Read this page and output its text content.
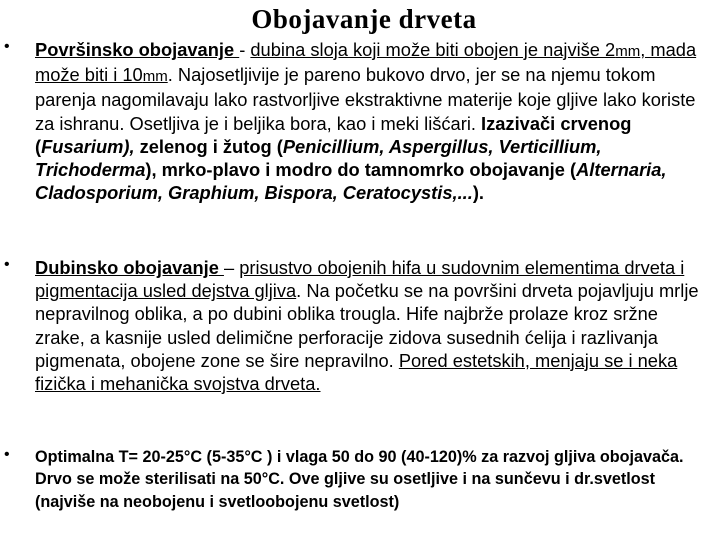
Obojavanje drveta
• Površinsko obojavanje - dubina sloja koji može biti obojen je najviše 2mm, mada može biti i 10mm. Najosetljivije je pareno bukovo drvo, jer se na njemu tokom parenja nagomilavaju lako rastvorljive ekstraktivne materije koje gljive lako koriste za ishranu. Osetljiva je i beljika bora, kao i meki lišćari. Izazivači crvenog (Fusarium), zelenog i žutog (Penicillium, Aspergillus, Verticillium, Trichoderma), mrko-plavo i modro do tamnomrko obojavanje (Alternaria, Cladosporium, Graphium, Bispora, Ceratocystis,...).
• Dubinsko obojavanje – prisustvo obojenih hifa u sudovnim elementima drveta i pigmentacija usled dejstva gljiva. Na početku se na površini drveta pojavljuju mrlje nepravilnog oblika, a po dubini oblika trougla. Hife najbrže prolaze kroz sržne zrake, a kasnije usled delimične perforacije zidova susednih ćelija i razlivanja pigmenata, obojene zone se šire nepravilno. Pored estetskih, menjaju se i neka fizička i mehanička svojstva drveta.
• Optimalna T= 20-25°C (5-35°C ) i vlaga 50 do 90 (40-120)% za razvoj gljiva obojavača. Drvo se može sterilisati na 50°C. Ove gljive su osetljive i na sunčevu i dr.svetlost (najviše na neobojenu i svetloobojenu svetlost)
